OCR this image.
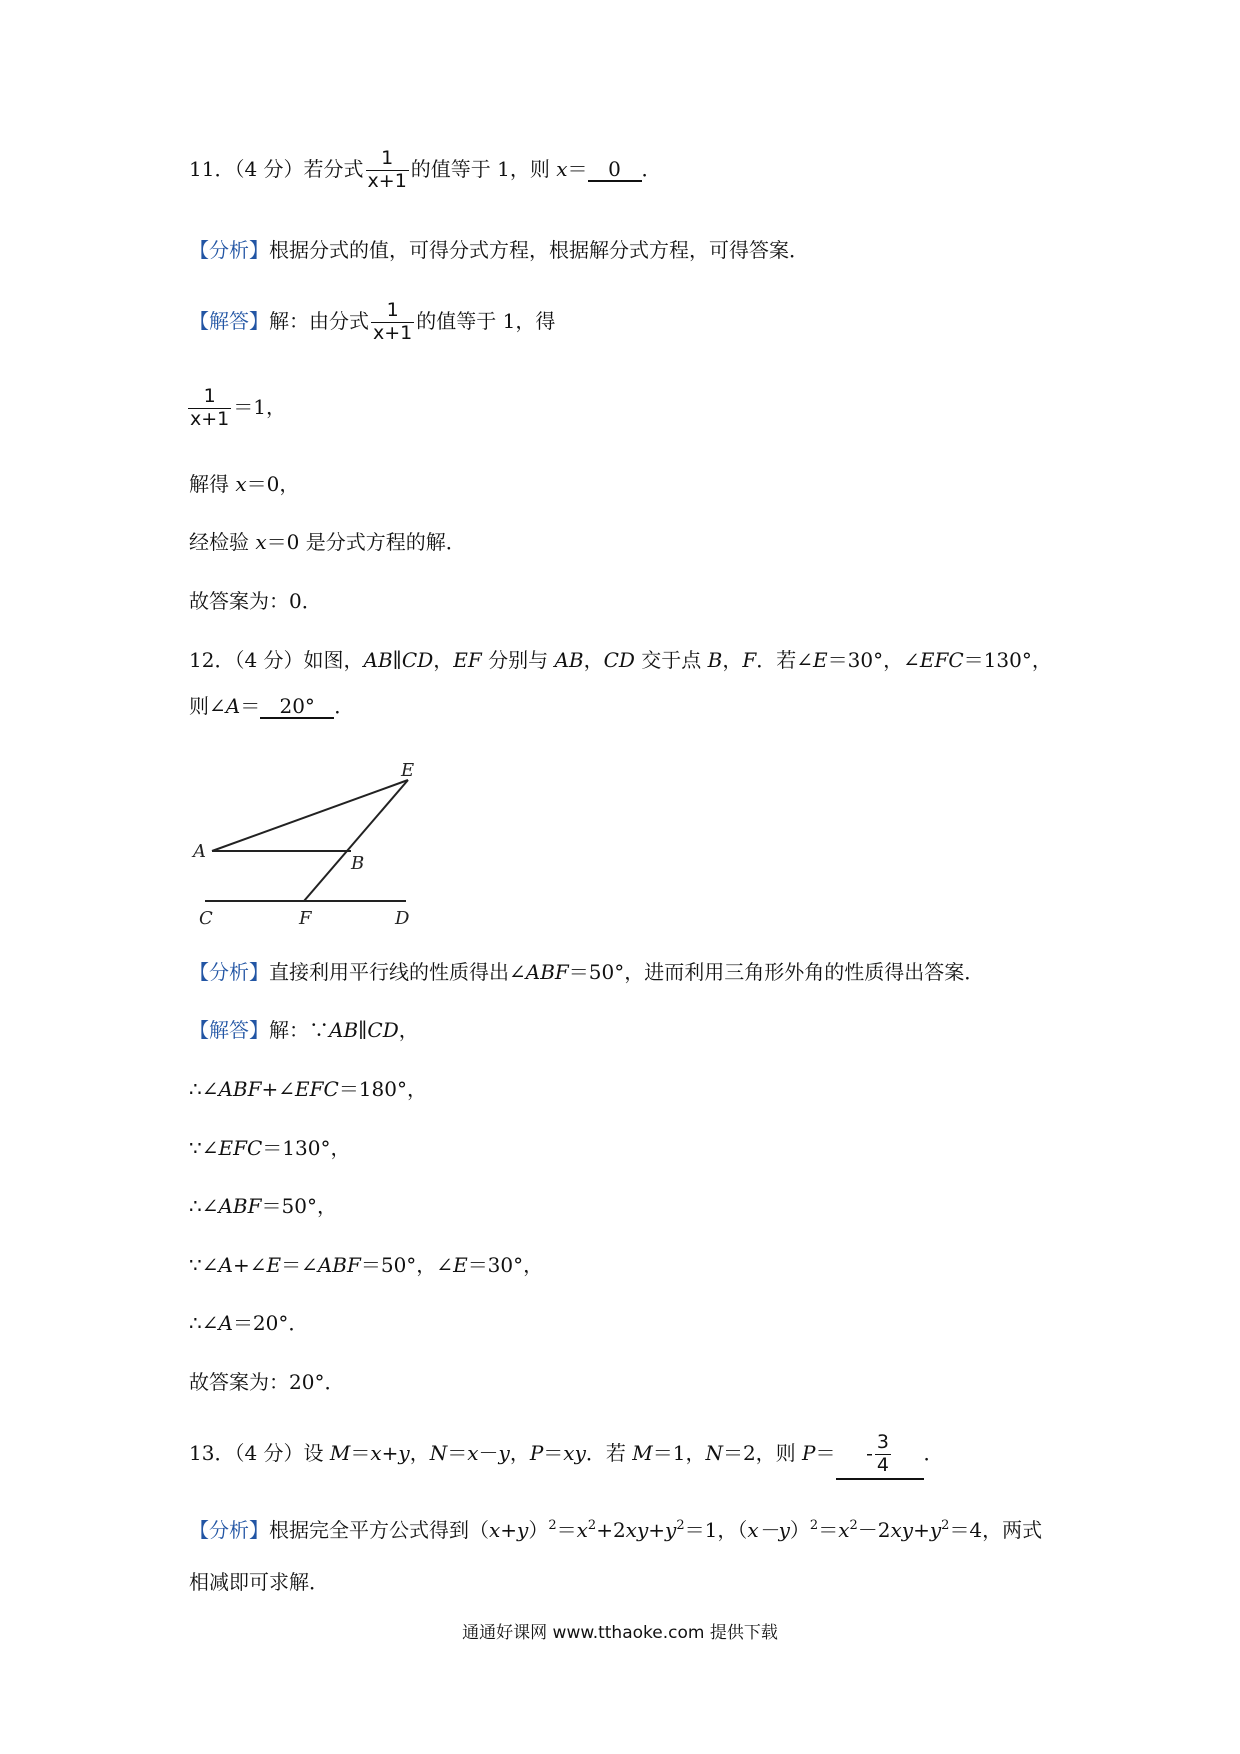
11．（4 分）若分式 $\frac{1}{x+1}$ 的值等于 1，则 x＝ 0 ．
【分析】根据分式的值，可得分式方程，根据解分式方程，可得答案．
【解答】解：由分式 $\frac{1}{x+1}$ 的值等于 1，得
$\frac{1}{x+1} =1$，
解得 x＝0，
经检验 x＝0 是分式方程的解．
故答案为：0．
12．（4 分）如图，AB∥CD，EF 分别与 AB，CD 交于点 B，F．若∠E＝30°，∠EFC＝130°，
则∠A＝ 20° ．
E
A
B
C	F	D
【分析】直接利用平行线的性质得出∠ABF＝50°，进而利用三角形外角的性质得出答案．
【解答】解：∵AB∥CD，
∴∠ABF+∠EFC＝180°，
∵∠EFC＝130°，
∴∠ABF＝50°，
∵∠A+∠E＝∠ABF＝50°，∠E＝30°，
∴∠A＝20°．
故答案为：20°．
13．（4 分）设 M＝x+y，N＝x－y，P＝xy．若 M＝1，N＝2，则 $P= - \frac{3}{4}$ ．
【分析】根据完全平方公式得到$(x+y)^2=x^2+2xy+y^2=1$，$(x-y)^2=x^2-2xy+y^2=4$，两式
相减即可求解．
通通好课网 www.tthaoke.com 提供下载
